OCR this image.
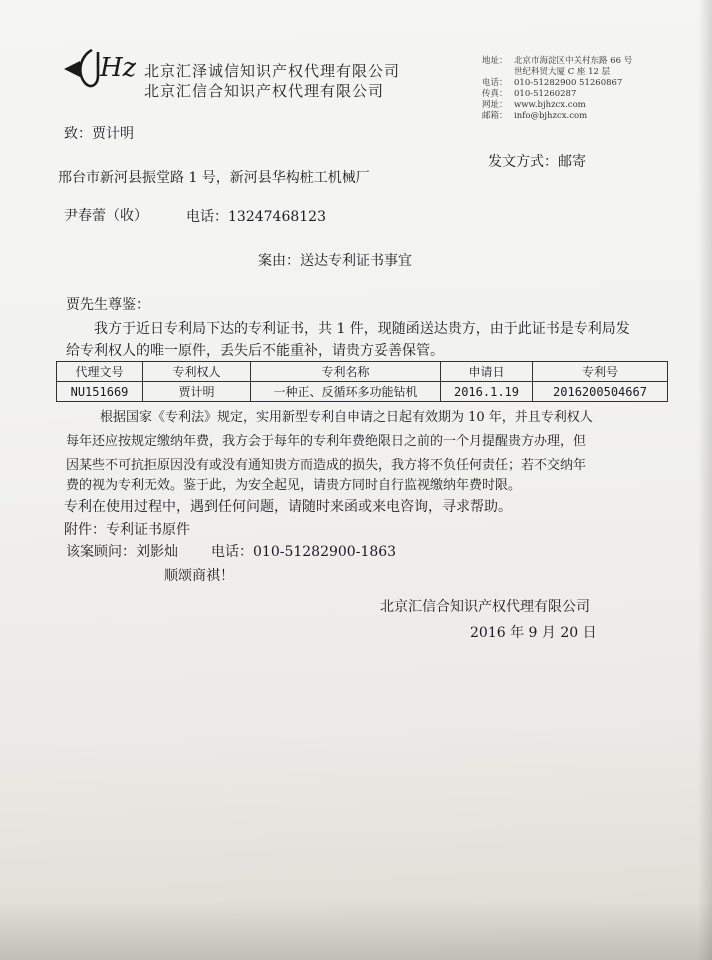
Hz 北京汇泽诚信知识产权代理有限公司
北京汇信合知识产权代理有限公司
地址： 北京市海淀区中关村东路 66 号
世纪科贸大厦 C 座 12 层
电话： 010-51282900 51260867
传真： 010-51260287
网址： www.bjhzcx.com
邮箱： info@bjhzcx.com
致：贾计明
发文方式：邮寄
邢台市新河县振堂路 1 号，新河县华构桩工机械厂
尹春蕾（收）	电话：13247468123
案由：送达专利证书事宜
贾先生尊鉴：
我方于近日专利局下达的专利证书，共 1 件，现随函送达贵方，由于此证书是专利局发
给专利权人的唯一原件，丢失后不能重补，请贵方妥善保管。
代理文号	专利权人	专利名称	申请日	专利号
NU151669	贾计明	一种正、反循环多功能钻机	2016.1.19	2016200504667
根据国家《专利法》规定，实用新型专利自申请之日起有效期为 10 年，并且专利权人
每年还应按规定缴纳年费，我方会于每年的专利年费绝限日之前的一个月提醒贵方办理，但
因某些不可抗拒原因没有或没有通知贵方而造成的损失，我方将不负任何责任；若不交纳年
费的视为专利无效。鉴于此，为安全起见，请贵方同时自行监视缴纳年费时限。
专利在使用过程中，遇到任何问题，请随时来函或来电咨询，寻求帮助。
附件：专利证书原件
该案顾问：刘影灿 电话：010-51282900-1863
顺颂商祺！
北京汇信合知识产权代理有限公司
2016 年 9 月 20 日
